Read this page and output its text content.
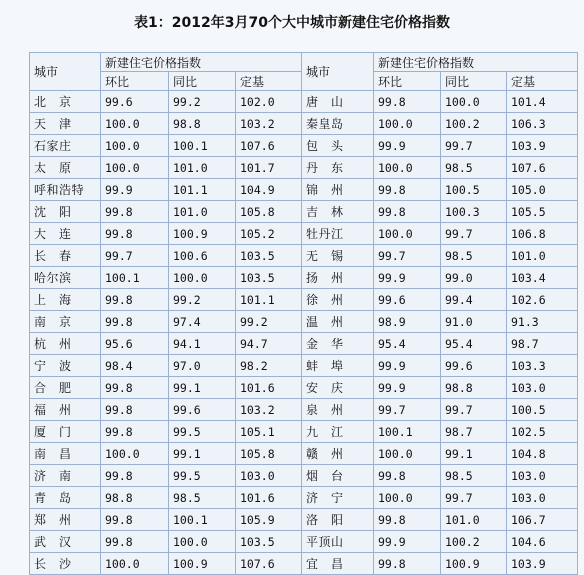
表1：2012年3月70个大中城市新建住宅价格指数
城市	新建住宅价格指数			城市	新建住宅价格指数		
	环比	同比	定基		环比	同比	定基
北　京	99.6	99.2	102.0	唐　山	99.8	100.0	101.4
天　津	100.0	98.8	103.2	秦皇岛	100.0	100.2	106.3
石家庄	100.0	100.1	107.6	包　头	99.9	99.7	103.9
太　原	100.0	101.0	101.7	丹　东	100.0	98.5	107.6
呼和浩特	99.9	101.1	104.9	锦　州	99.8	100.5	105.0
沈　阳	99.8	101.0	105.8	吉　林	99.8	100.3	105.5
大　连	99.8	100.9	105.2	牡丹江	100.0	99.7	106.8
长　春	99.7	100.6	103.5	无　锡	99.7	98.5	101.0
哈尔滨	100.1	100.0	103.5	扬　州	99.9	99.0	103.4
上　海	99.8	99.2	101.1	徐　州	99.6	99.4	102.6
南　京	99.8	97.4	99.2	温　州	98.9	91.0	91.3
杭　州	95.6	94.1	94.7	金　华	95.4	95.4	98.7
宁　波	98.4	97.0	98.2	蚌　埠	99.9	99.6	103.3
合　肥	99.8	99.1	101.6	安　庆	99.9	98.8	103.0
福　州	99.8	99.6	103.2	泉　州	99.7	99.7	100.5
厦　门	99.8	99.5	105.1	九　江	100.1	98.7	102.5
南　昌	100.0	99.1	105.8	赣　州	100.0	99.1	104.8
济　南	99.8	99.5	103.0	烟　台	99.8	98.5	103.0
青　岛	98.8	98.5	101.6	济　宁	100.0	99.7	103.0
郑　州	99.8	100.1	105.9	洛　阳	99.8	101.0	106.7
武　汉	99.8	100.0	103.5	平顶山	99.9	100.2	104.6
长　沙	100.0	100.9	107.6	宜　昌	99.8	100.9	103.9
